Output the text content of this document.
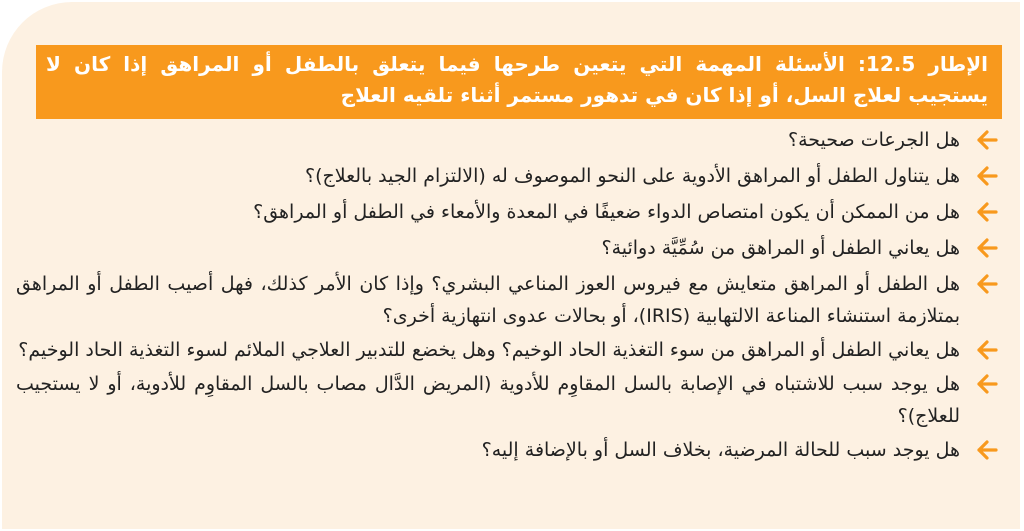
الإطار 12.5: الأسئلة المهمة التي يتعين طرحها فيما يتعلق بالطفل أو المراهق إذا كان لا يستجيب لعلاج السل، أو إذا كان في تدهور مستمر أثناء تلقيه العلاج
هل الجرعات صحيحة؟
هل يتناول الطفل أو المراهق الأدوية على النحو الموصوف له (الالتزام الجيد بالعلاج)؟
هل من الممكن أن يكون امتصاص الدواء ضعيفًا في المعدة والأمعاء في الطفل أو المراهق؟
هل يعاني الطفل أو المراهق من سُمِّيَّة دوائية؟
هل الطفل أو المراهق متعايش مع فيروس العوز المناعي البشري؟ وإذا كان الأمر كذلك، فهل أصيب الطفل أو المراهق بمتلازمة استنشاء المناعة الالتهابية (IRIS)، أو بحالات عدوى انتهازية أخرى؟
هل يعاني الطفل أو المراهق من سوء التغذية الحاد الوخيم؟ وهل يخضع للتدبير العلاجي الملائم لسوء التغذية الحاد الوخيم؟
هل يوجد سبب للاشتباه في الإصابة بالسل المقاوِم للأدوية (المريض الدَّال مصاب بالسل المقاوِم للأدوية، أو لا يستجيب للعلاج)؟
هل يوجد سبب للحالة المرضية، بخلاف السل أو بالإضافة إليه؟
